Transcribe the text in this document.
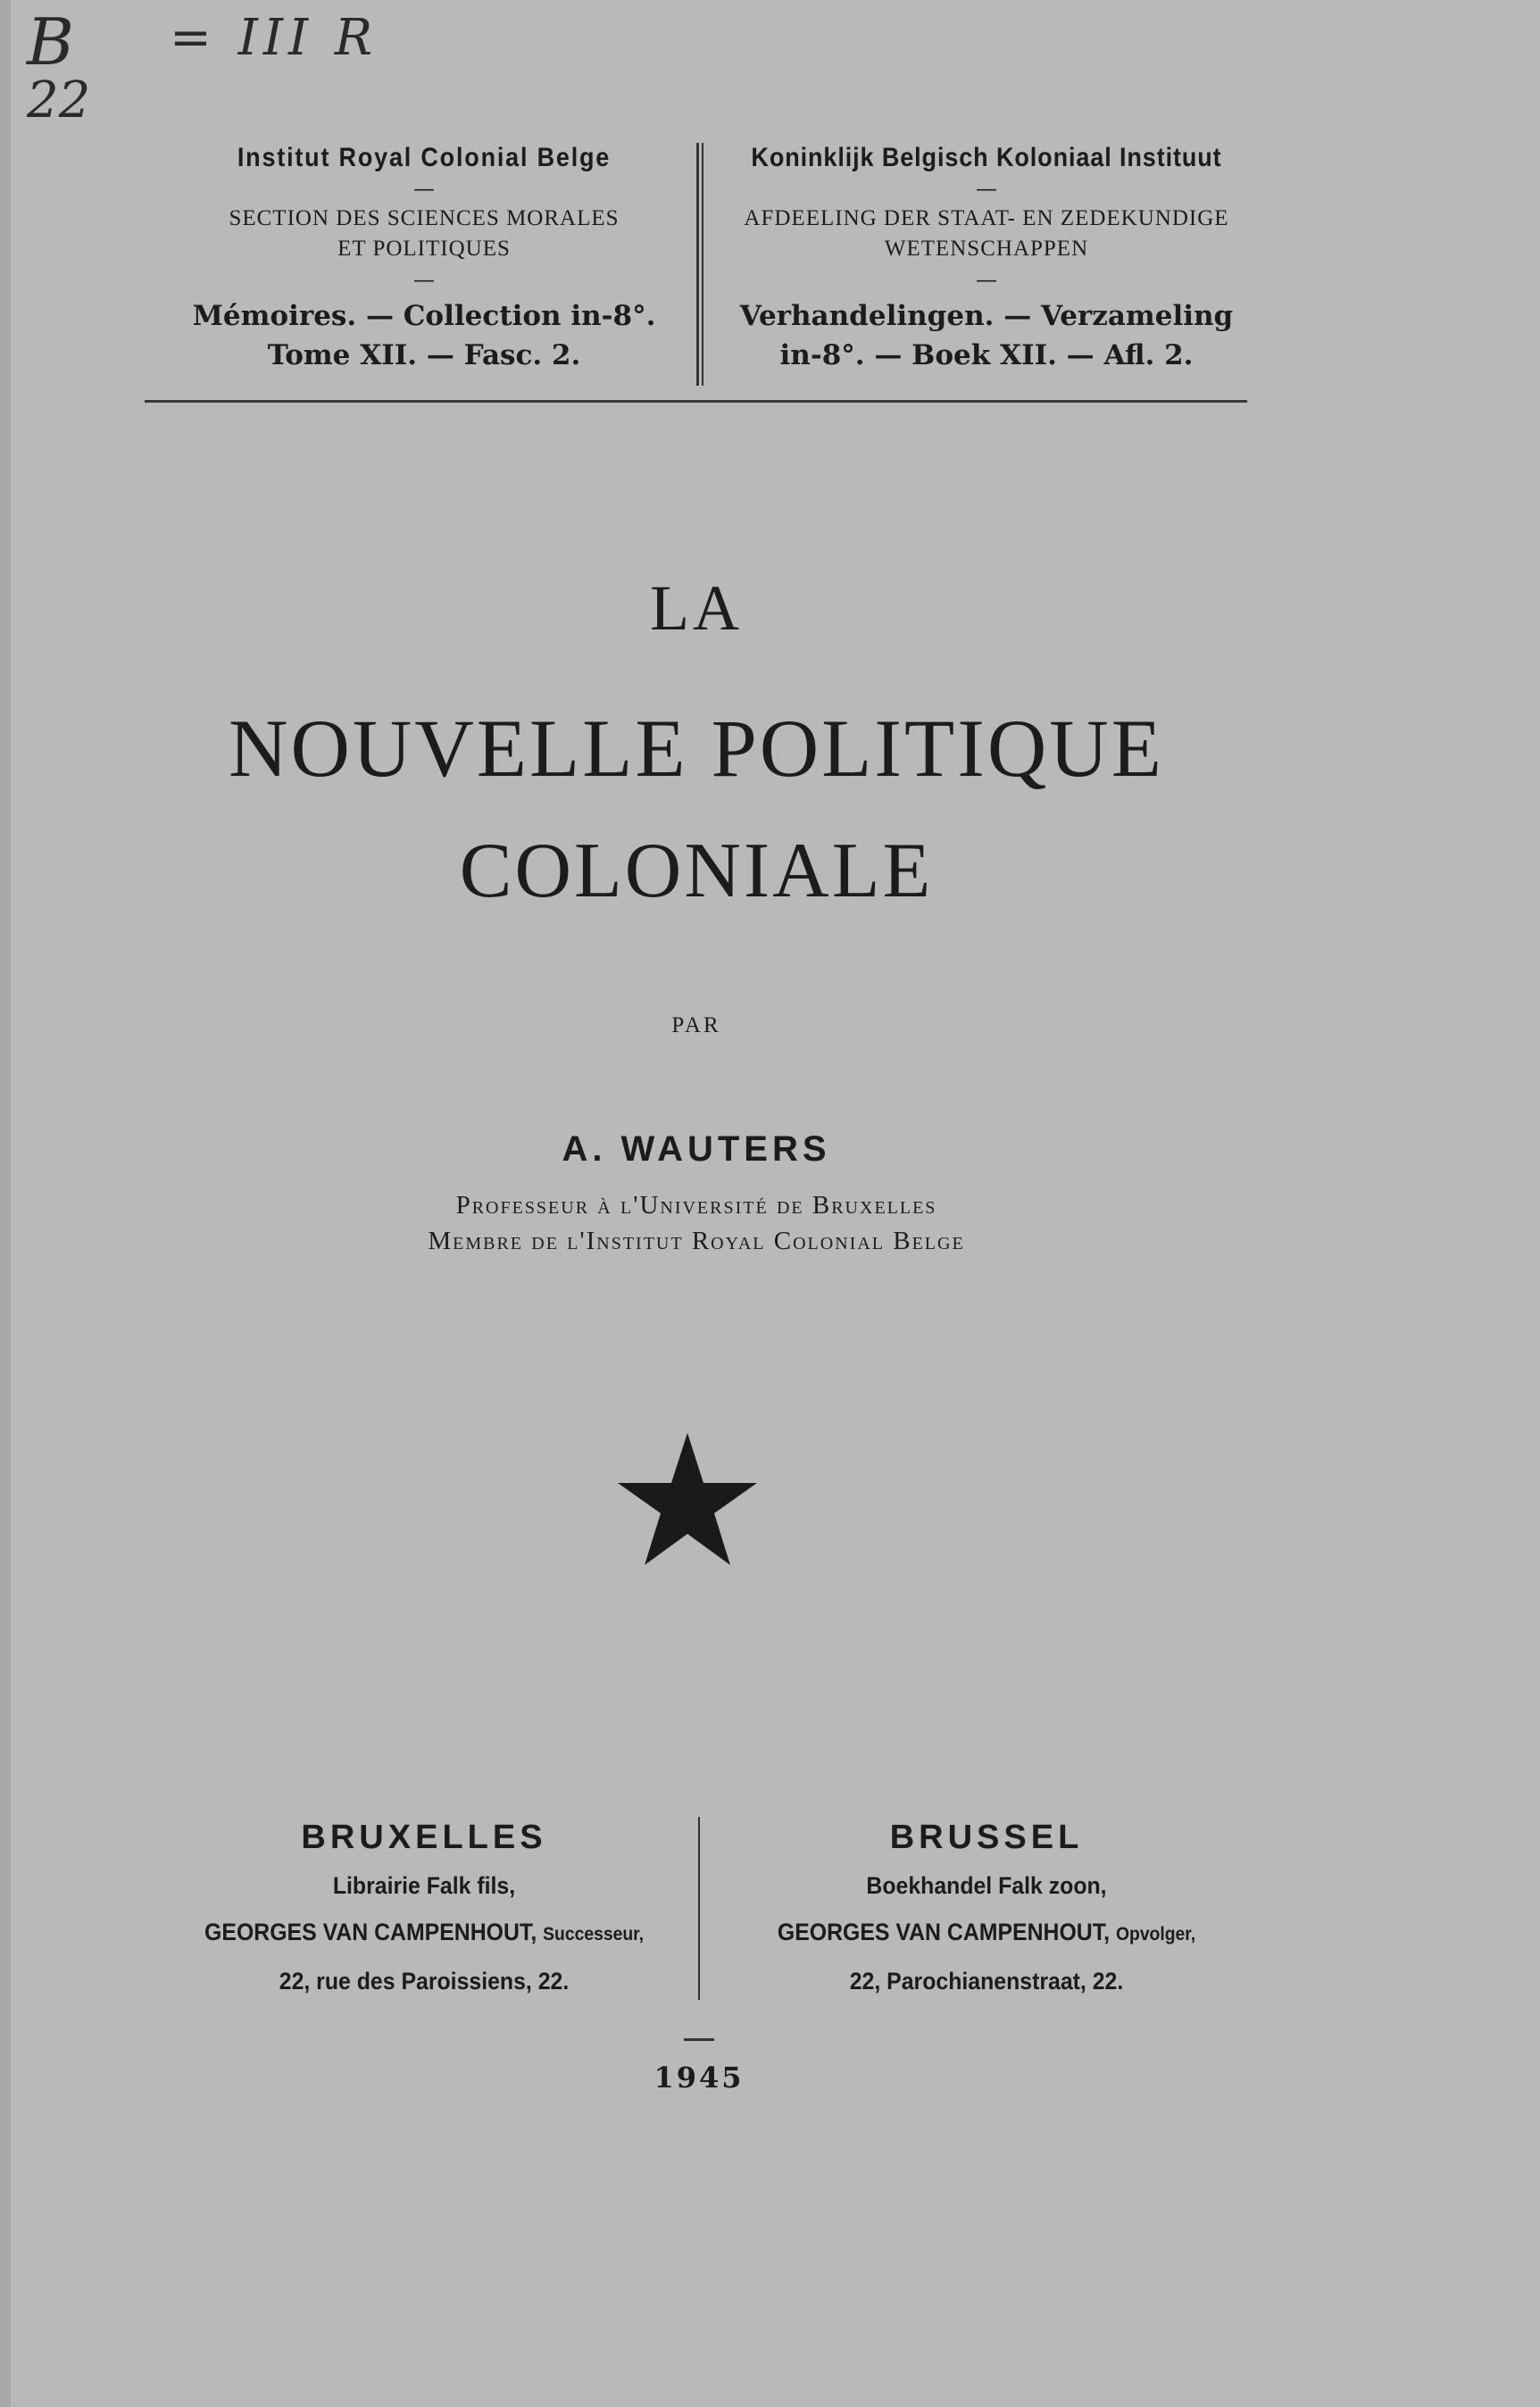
B
22
= III R
Institut Royal Colonial Belge
—
SECTION DES SCIENCES MORALES
ET POLITIQUES
—
Mémoires. — Collection in-8°.
Tome XII. — Fasc. 2.
Koninklijk Belgisch Koloniaal Instituut
—
AFDEELING DER STAAT- EN ZEDEKUNDIGE
WETENSCHAPPEN
—
Verhandelingen. — Verzameling
in-8°. — Boek XII. — Afl. 2.
LA
NOUVELLE POLITIQUE
COLONIALE
PAR
A. WAUTERS
Professeur à l'Université de Bruxelles
Membre de l'Institut Royal Colonial Belge
BRUXELLES
Librairie Falk fils,
GEORGES VAN CAMPENHOUT, Successeur,
22, rue des Paroissiens, 22.
BRUSSEL
Boekhandel Falk zoon,
GEORGES VAN CAMPENHOUT, Opvolger,
22, Parochianenstraat, 22.
1945
